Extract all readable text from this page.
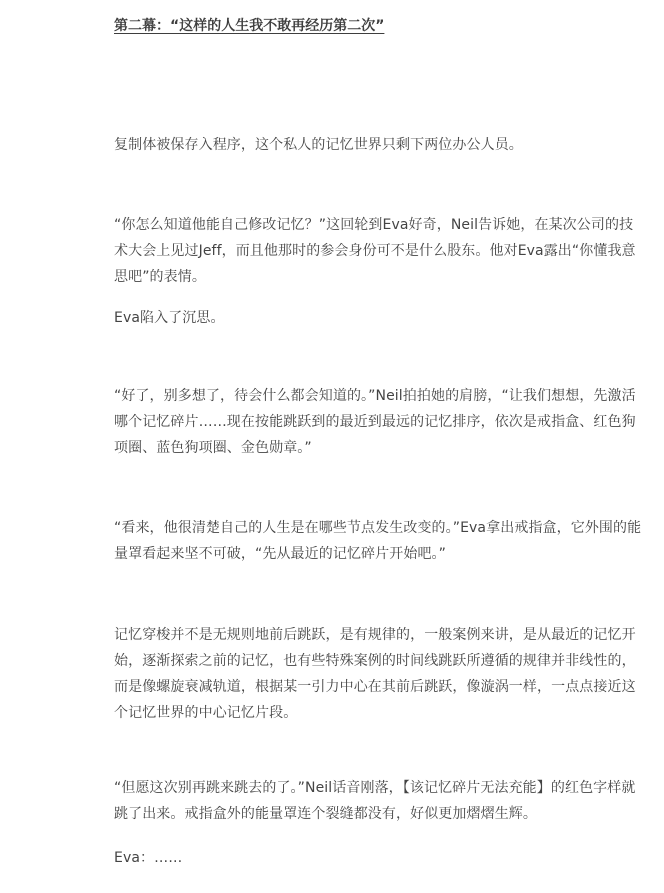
第二幕：“这样的人生我不敢再经历第二次”

复制体被保存入程序，这个私人的记忆世界只剩下两位办公人员。

“你怎么知道他能自己修改记忆？”这回轮到Eva好奇，Neil告诉她，在某次公司的技术大会上见过Jeff，而且他那时的参会身份可不是什么股东。他对Eva露出“你懂我意思吧”的表情。

Eva陷入了沉思。

“好了，别多想了，待会什么都会知道的。”Neil拍拍她的肩膀，“让我们想想，先激活哪个记忆碎片……现在按能跳跃到的最近到最远的记忆排序，依次是戒指盒、红色狗项圈、蓝色狗项圈、金色勋章。”

“看来，他很清楚自己的人生是在哪些节点发生改变的。”Eva拿出戒指盒，它外围的能量罩看起来坚不可破，“先从最近的记忆碎片开始吧。”

记忆穿梭并不是无规则地前后跳跃，是有规律的，一般案例来讲，是从最近的记忆开始，逐渐探索之前的记忆，也有些特殊案例的时间线跳跃所遵循的规律并非线性的，而是像螺旋衰减轨道，根据某一引力中心在其前后跳跃，像漩涡一样，一点点接近这个记忆世界的中心记忆片段。

“但愿这次别再跳来跳去的了。”Neil话音刚落，【该记忆碎片无法充能】的红色字样就跳了出来。戒指盒外的能量罩连个裂缝都没有，好似更加熠熠生辉。

Eva：……
